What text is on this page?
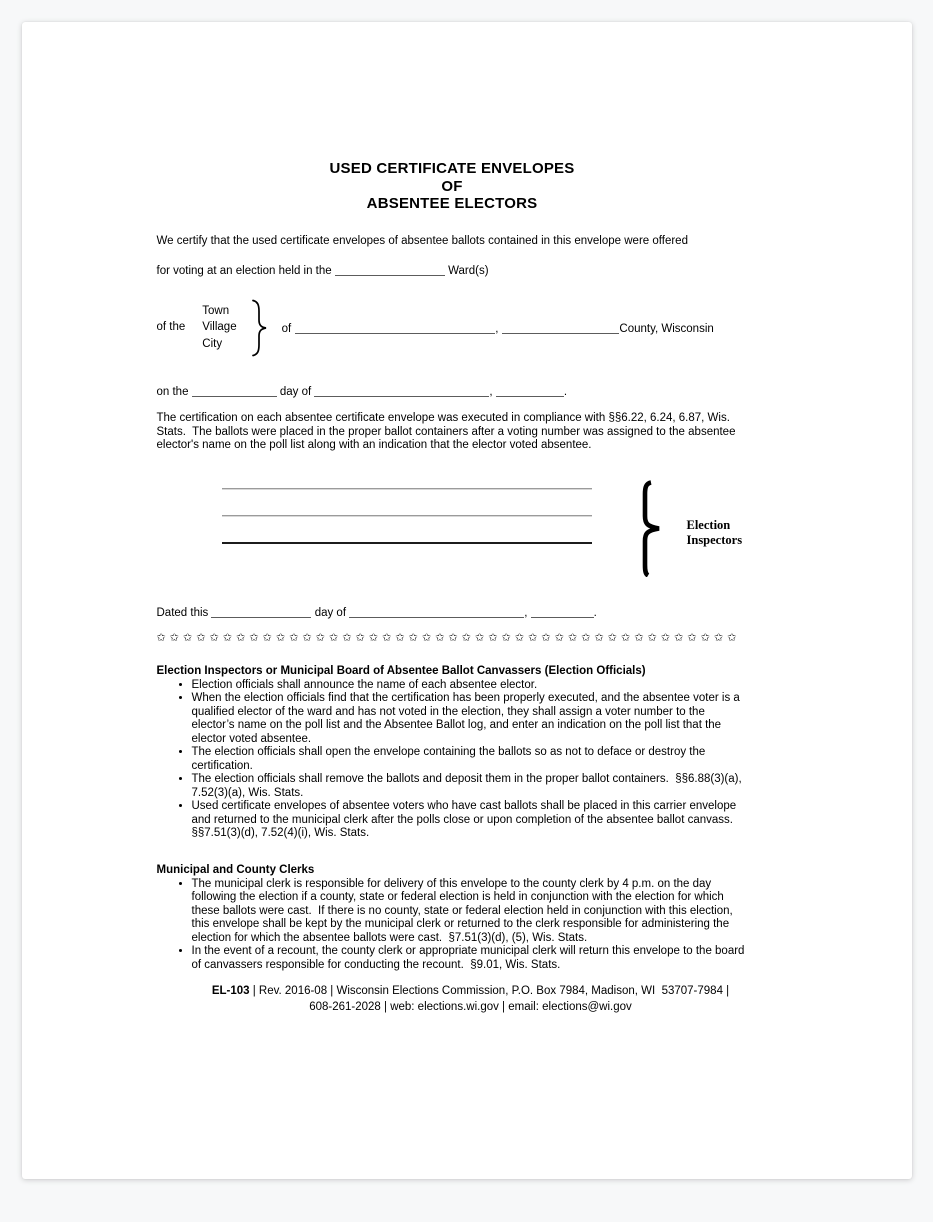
USED CERTIFICATE ENVELOPES
OF
ABSENTEE ELECTORS
We certify that the used certificate envelopes of absentee ballots contained in this envelope were offered
for voting at an election held in the	Ward(s)
of the
Town
Village
City
of	,	County, Wisconsin
on the	day of	,	.
The certification on each absentee certificate envelope was executed in compliance with §§6.22, 6.24, 6.87, Wis. Stats.  The ballots were placed in the proper ballot containers after a voting number was assigned to the absentee elector's name on the poll list along with an indication that the elector voted absentee.
Election
Inspectors
Dated this	day of	,	.
✩ ✩ ✩ ✩ ✩ ✩ ✩ ✩ ✩ ✩ ✩ ✩ ✩ ✩ ✩ ✩ ✩ ✩ ✩ ✩ ✩ ✩ ✩ ✩ ✩ ✩ ✩ ✩ ✩ ✩ ✩ ✩ ✩ ✩ ✩ ✩ ✩ ✩ ✩ ✩ ✩ ✩ ✩ ✩
Election Inspectors or Municipal Board of Absentee Ballot Canvassers (Election Officials)
• Election officials shall announce the name of each absentee elector.
• When the election officials find that the certification has been properly executed, and the absentee voter is a qualified elector of the ward and has not voted in the election, they shall assign a voter number to the elector’s name on the poll list and the Absentee Ballot log, and enter an indication on the poll list that the elector voted absentee.
• The election officials shall open the envelope containing the ballots so as not to deface or destroy the certification.
• The election officials shall remove the ballots and deposit them in the proper ballot containers.  §§6.88(3)(a), 7.52(3)(a), Wis. Stats.
• Used certificate envelopes of absentee voters who have cast ballots shall be placed in this carrier envelope and returned to the municipal clerk after the polls close or upon completion of the absentee ballot canvass.  §§7.51(3)(d), 7.52(4)(i), Wis. Stats.
Municipal and County Clerks
• The municipal clerk is responsible for delivery of this envelope to the county clerk by 4 p.m. on the day following the election if a county, state or federal election is held in conjunction with the election for which these ballots were cast.  If there is no county, state or federal election held in conjunction with this election, this envelope shall be kept by the municipal clerk or returned to the clerk responsible for administering the election for which the absentee ballots were cast.  §7.51(3)(d), (5), Wis. Stats.
• In the event of a recount, the county clerk or appropriate municipal clerk will return this envelope to the board of canvassers responsible for conducting the recount.  §9.01, Wis. Stats.
EL-103 | Rev. 2016-08 | Wisconsin Elections Commission, P.O. Box 7984, Madison, WI  53707-7984 |
608-261-2028 | web: elections.wi.gov | email: elections@wi.gov
